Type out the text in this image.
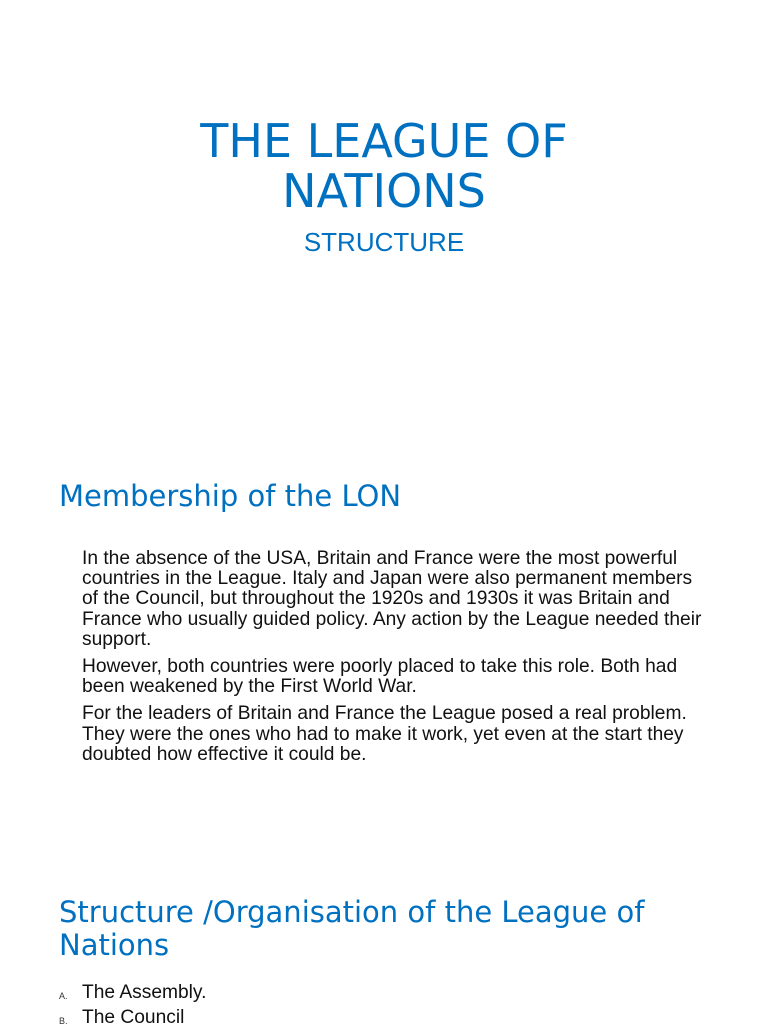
THE LEAGUE OF
NATIONS
STRUCTURE
Membership of the LON

In the absence of the USA, Britain and France were the most powerful countries in the League. Italy and Japan were also permanent members of the Council, but throughout the 1920s and 1930s it was Britain and France who usually guided policy. Any action by the League needed their support.

However, both countries were poorly placed to take this role. Both had been weakened by the First World War.

For the leaders of Britain and France the League posed a real problem. They were the ones who had to make it work, yet even at the start they doubted how effective it could be.

Structure /Organisation of the League of Nations
A. The Assembly.
B. The Council
